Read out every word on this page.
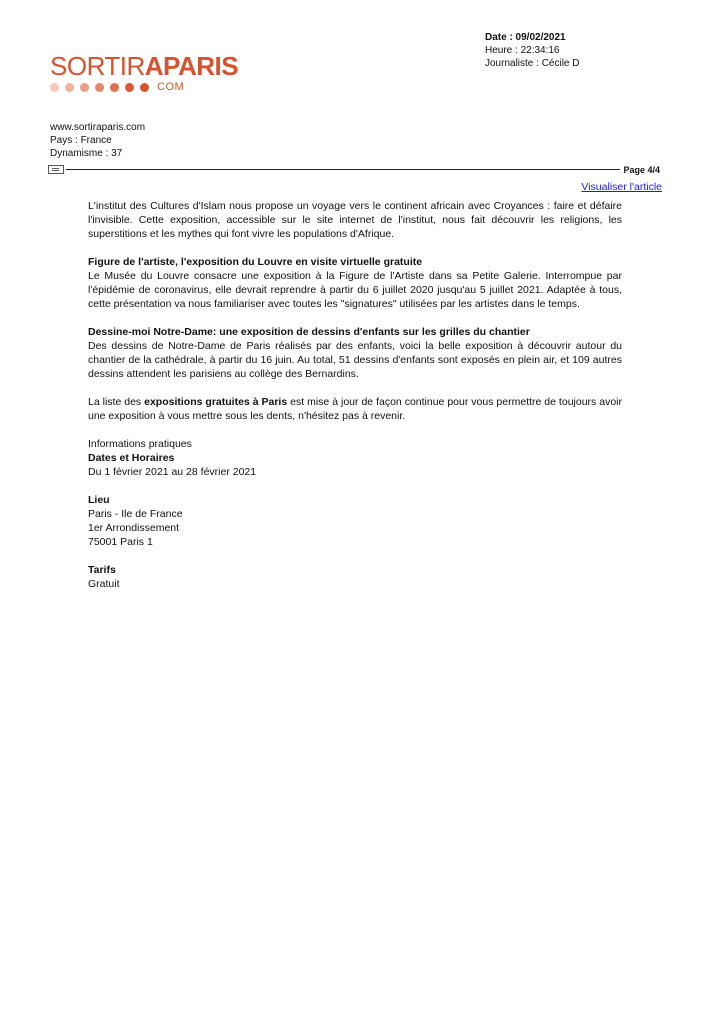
Date : 09/02/2021
Heure : 22:34:16
Journaliste : Cécile D
SORTIRAPARIS
COM
www.sortiraparis.com
Pays : France
Dynamisme : 37
Page 4/4
Visualiser l'article

L'institut des Cultures d'Islam nous propose un voyage vers le continent africain avec Croyances : faire et défaire l'invisible. Cette exposition, accessible sur le site internet de l'institut, nous fait découvrir les religions, les superstitions et les mythes qui font vivre les populations d'Afrique.

Figure de l'artiste, l'exposition du Louvre en visite virtuelle gratuite
Le Musée du Louvre consacre une exposition à la Figure de l'Artiste dans sa Petite Galerie. Interrompue par l'épidémie de coronavirus, elle devrait reprendre à partir du 6 juillet 2020 jusqu'au 5 juillet 2021. Adaptée à tous, cette présentation va nous familiariser avec toutes les "signatures" utilisées par les artistes dans le temps.
Dessine-moi Notre-Dame: une exposition de dessins d'enfants sur les grilles du chantier
Des dessins de Notre-Dame de Paris réalisés par des enfants, voici la belle exposition à découvrir autour du chantier de la cathédrale, à partir du 16 juin. Au total, 51 dessins d'enfants sont exposés en plein air, et 109 autres dessins attendent les parisiens au collège des Bernardins.

La liste des expositions gratuites à Paris est mise à jour de façon continue pour vous permettre de toujours avoir une exposition à vous mettre sous les dents, n'hésitez pas à revenir.

Informations pratiques
Dates et Horaires
Du 1 février 2021 au 28 février 2021
Lieu
Paris - Ile de France
1er Arrondissement
75001 Paris 1
Tarifs
Gratuit
